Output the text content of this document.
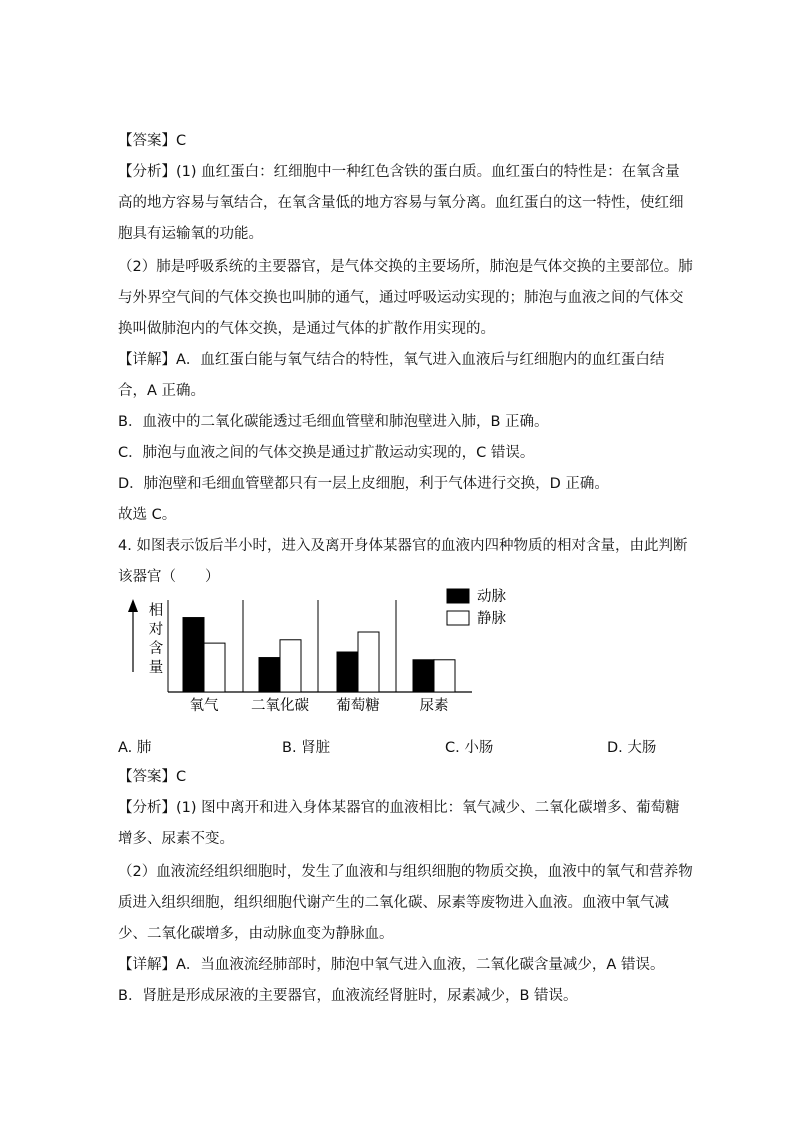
【答案】C
【分析】(1) 血红蛋白：红细胞中一种红色含铁的蛋白质。血红蛋白的特性是：在氧含量
高的地方容易与氧结合，在氧含量低的地方容易与氧分离。血红蛋白的这一特性，使红细
胞具有运输氧的功能。
（2）肺是呼吸系统的主要器官，是气体交换的主要场所，肺泡是气体交换的主要部位。肺
与外界空气间的气体交换也叫肺的通气，通过呼吸运动实现的；肺泡与血液之间的气体交
换叫做肺泡内的气体交换，是通过气体的扩散作用实现的。
【详解】A．血红蛋白能与氧气结合的特性，氧气进入血液后与红细胞内的血红蛋白结
合，A 正确。
B．血液中的二氧化碳能透过毛细血管壁和肺泡壁进入肺，B 正确。
C．肺泡与血液之间的气体交换是通过扩散运动实现的，C 错误。
D．肺泡壁和毛细血管壁都只有一层上皮细胞，利于气体进行交换，D 正确。
故选 C。
4. 如图表示饭后半小时，进入及离开身体某器官的血液内四种物质的相对含量，由此判断
该器官（　　）
相
对
含
量
氧气 二氧化碳 葡萄糖	尿素
动脉
静脉
A. 肺	B. 肾脏	C. 小肠	D. 大肠
【答案】C
【分析】(1) 图中离开和进入身体某器官的血液相比：氧气减少、二氧化碳增多、葡萄糖
增多、尿素不变。
（2）血液流经组织细胞时，发生了血液和与组织细胞的物质交换，血液中的氧气和营养物
质进入组织细胞，组织细胞代谢产生的二氧化碳、尿素等废物进入血液。血液中氧气减
少、二氧化碳增多，由动脉血变为静脉血。
【详解】A．当血液流经肺部时，肺泡中氧气进入血液，二氧化碳含量减少，A 错误。
B．肾脏是形成尿液的主要器官，血液流经肾脏时，尿素减少，B 错误。
